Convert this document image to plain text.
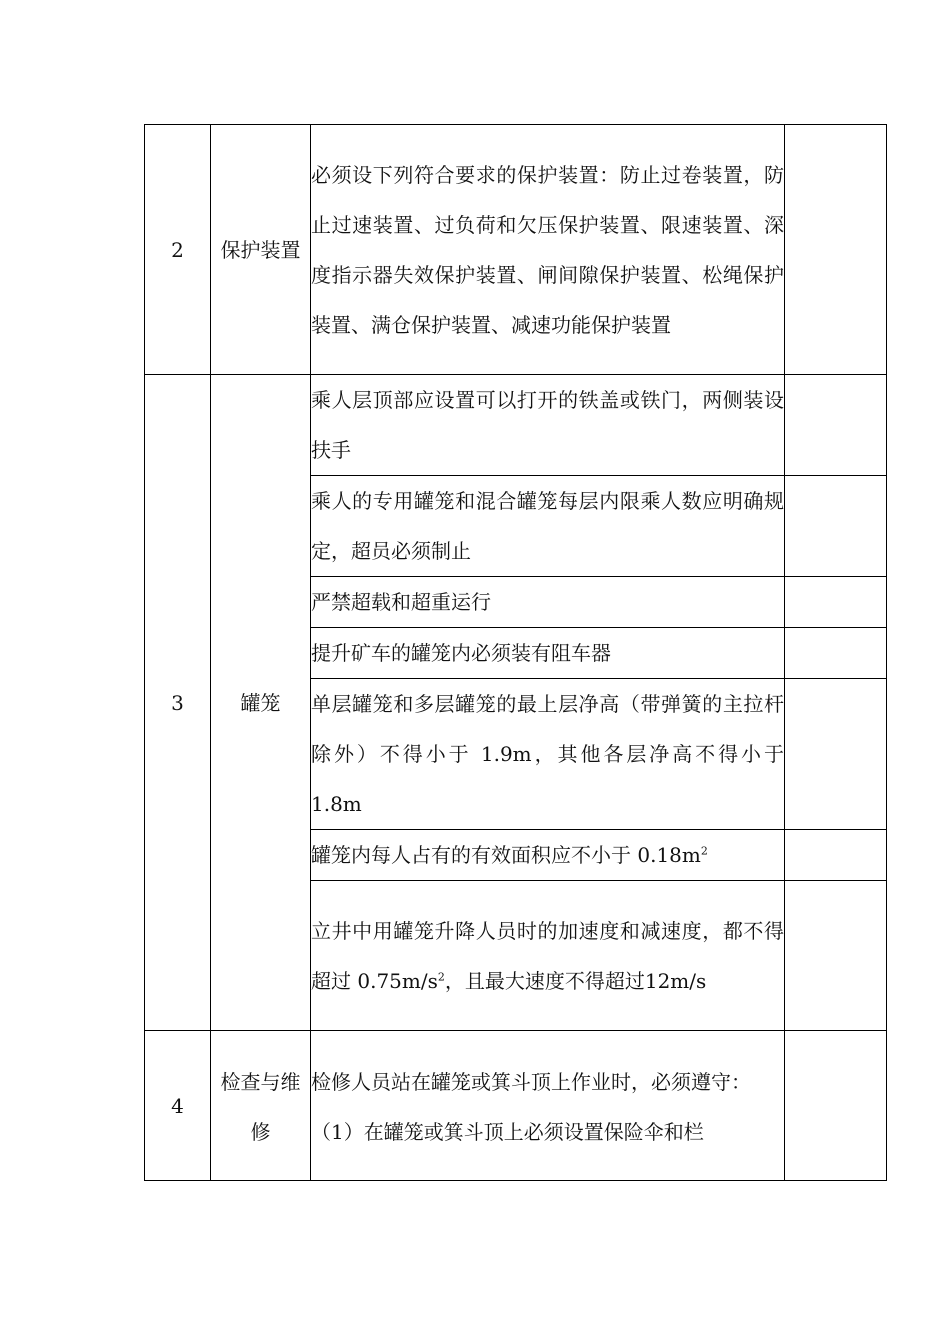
2	保护装置	必须设下列符合要求的保护装置：防止过卷装置，防止过速装置、过负荷和欠压保护装置、限速装置、深度指示器失效保护装置、闸间隙保护装置、松绳保护装置、满仓保护装置、减速功能保护装置	
3	罐笼	乘人层顶部应设置可以打开的铁盖或铁门，两侧装设扶手	
		乘人的专用罐笼和混合罐笼每层内限乘人数应明确规定，超员必须制止	
		严禁超载和超重运行	
		提升矿车的罐笼内必须装有阻车器	
		单层罐笼和多层罐笼的最上层净高（带弹簧的主拉杆除外）不得小于 1.9m，其他各层净高不得小于 1.8m	
		罐笼内每人占有的有效面积应不小于 $0.18m^2$	
		立井中用罐笼升降人员时的加速度和减速度，都不得超过 $0.75m/s^2$，且最大速度不得超过12m/s	

4	检查与维修	检修人员站在罐笼或箕斗顶上作业时，必须遵守：
（1）在罐笼或箕斗顶上必须设置保险伞和栏	
